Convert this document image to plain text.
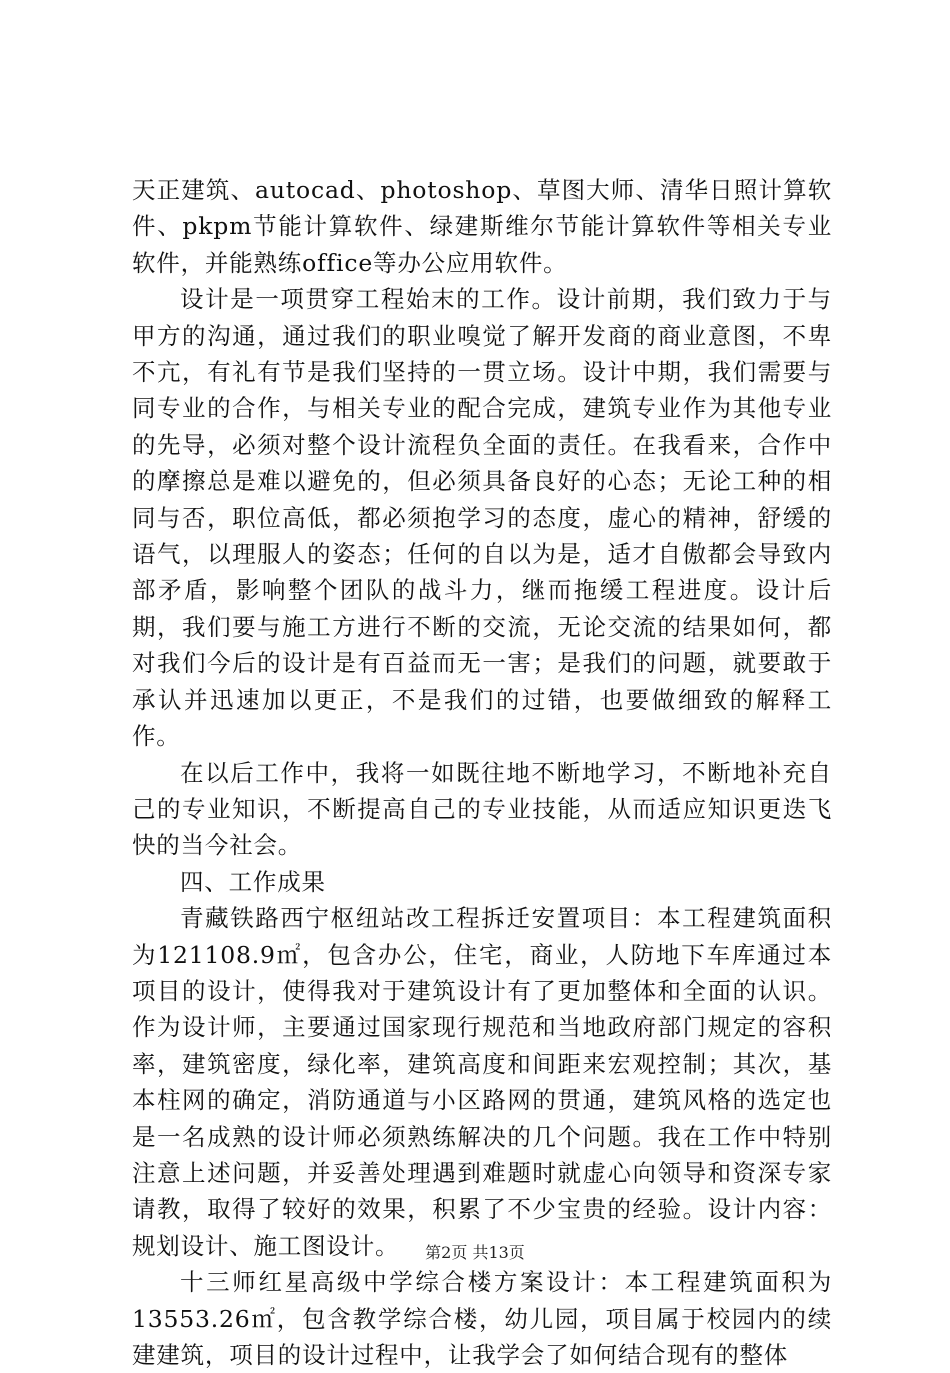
天正建筑、autocad、photoshop、草图大师、清华日照计算软件、pkpm节能计算软件、绿建斯维尔节能计算软件等相关专业软件，并能熟练office等办公应用软件。

设计是一项贯穿工程始末的工作。设计前期，我们致力于与甲方的沟通，通过我们的职业嗅觉了解开发商的商业意图，不卑不亢，有礼有节是我们坚持的一贯立场。设计中期，我们需要与同专业的合作，与相关专业的配合完成，建筑专业作为其他专业的先导，必须对整个设计流程负全面的责任。在我看来，合作中的摩擦总是难以避免的，但必须具备良好的心态；无论工种的相同与否，职位高低，都必须抱学习的态度，虚心的精神，舒缓的语气，以理服人的姿态；任何的自以为是，适才自傲都会导致内部矛盾，影响整个团队的战斗力，继而拖缓工程进度。设计后期，我们要与施工方进行不断的交流，无论交流的结果如何，都对我们今后的设计是有百益而无一害；是我们的问题，就要敢于承认并迅速加以更正，不是我们的过错，也要做细致的解释工作。

在以后工作中，我将一如既往地不断地学习，不断地补充自己的专业知识，不断提高自己的专业技能，从而适应知识更迭飞快的当今社会。

四、工作成果

青藏铁路西宁枢纽站改工程拆迁安置项目：本工程建筑面积为121108.9㎡，包含办公，住宅，商业，人防地下车库通过本项目的设计，使得我对于建筑设计有了更加整体和全面的认识。作为设计师，主要通过国家现行规范和当地政府部门规定的容积率，建筑密度，绿化率，建筑高度和间距来宏观控制；其次，基本柱网的确定，消防通道与小区路网的贯通，建筑风格的选定也是一名成熟的设计师必须熟练解决的几个问题。我在工作中特别注意上述问题，并妥善处理遇到难题时就虚心向领导和资深专家请教，取得了较好的效果，积累了不少宝贵的经验。设计内容：规划设计、施工图设计。

十三师红星高级中学综合楼方案设计：本工程建筑面积为13553.26㎡，包含教学综合楼，幼儿园，项目属于校园内的续建建筑，项目的设计过程中，让我学会了如何结合现有的整体

第2页 共13页
